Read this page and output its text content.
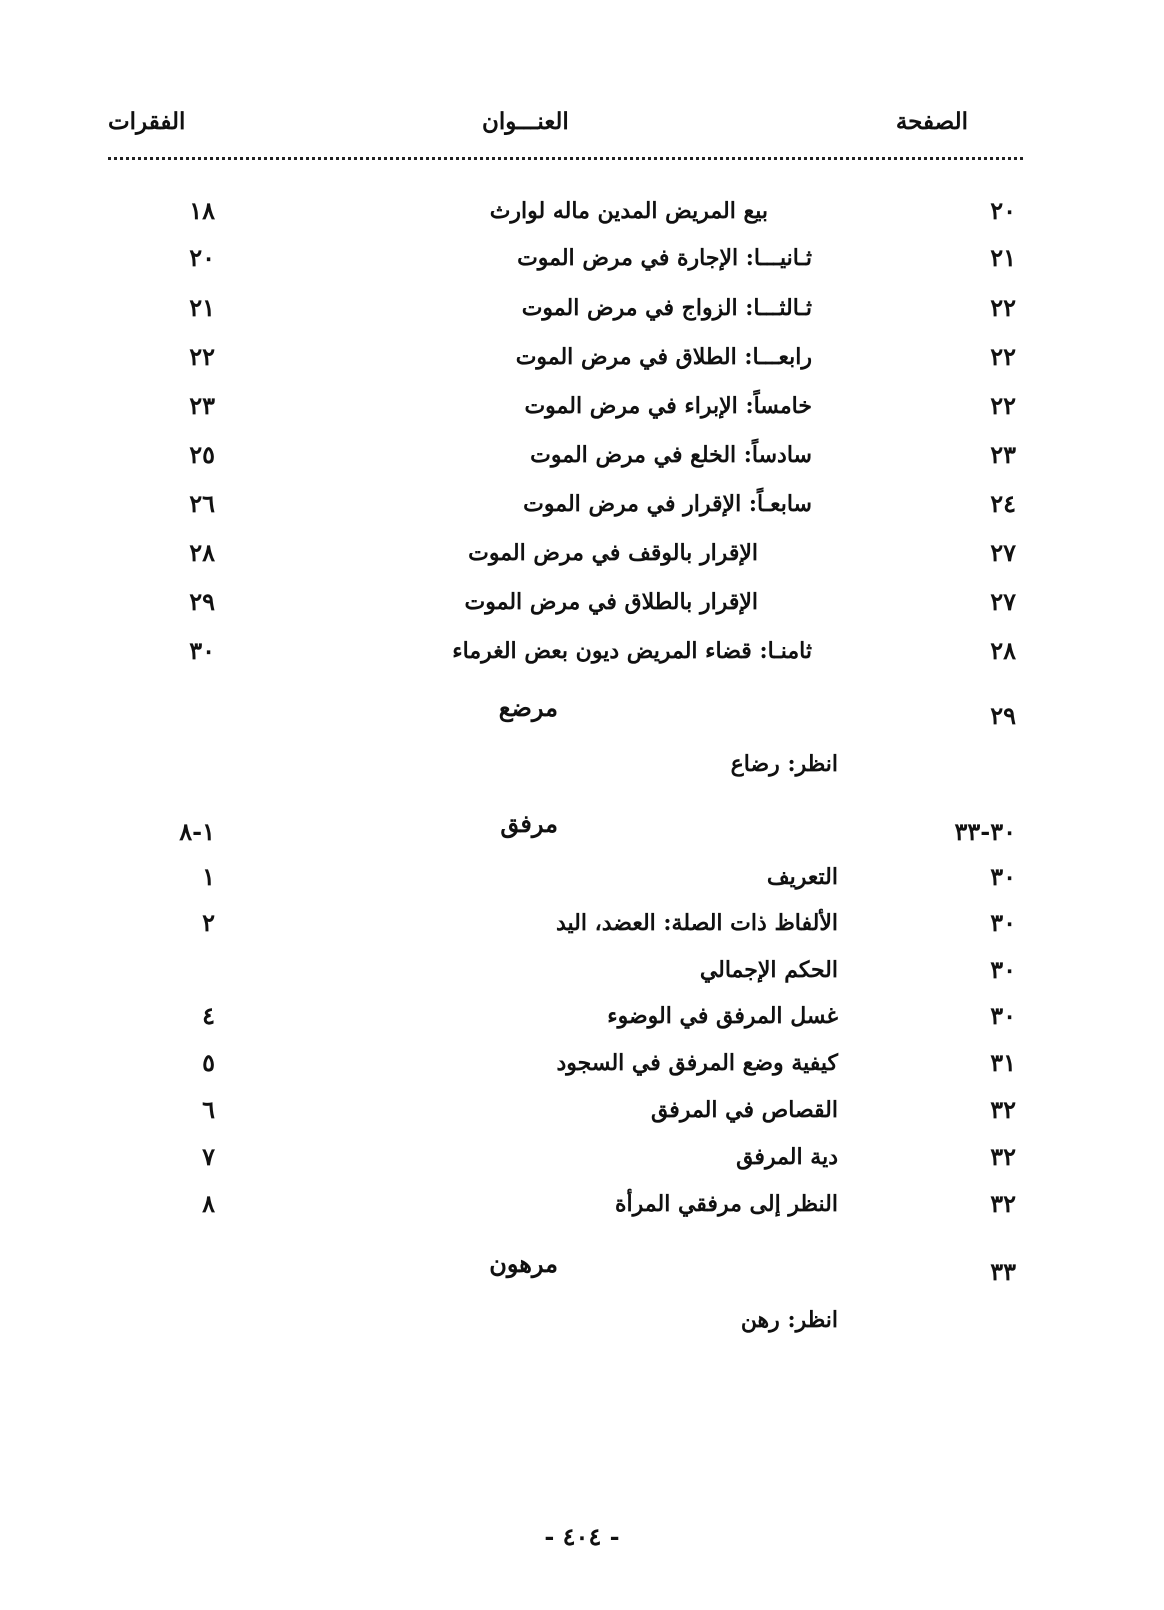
الصفحة
العنـــوان
الفقرات
٢٠
بيع المريض المدين ماله لوارث
١٨
٢١
ثـانيـــا: الإجارة في مرض الموت
٢٠
٢٢
ثـالثـــا: الزواج في مرض الموت
٢١
٢٢
رابعـــا: الطلاق في مرض الموت
٢٢
٢٢
خامساً: الإبراء في مرض الموت
٢٣
٢٣
سادساً: الخلع في مرض الموت
٢٥
٢٤
سابعـاً: الإقرار في مرض الموت
٢٦
٢٧
الإقرار بالوقف في مرض الموت
٢٨
٢٧
الإقرار بالطلاق في مرض الموت
٢٩
٢٨
ثامنـا: قضاء المريض ديون بعض الغرماء
٣٠
٢٩
مرضع
انظر: رضاع
٣٠-٣٣
مرفق
١-٨
٣٠
التعريف
١
٣٠
الألفاظ ذات الصلة: العضد، اليد
٢
٣٠
الحكم الإجمالي
٣٠
غسل المرفق في الوضوء
٤
٣١
كيفية وضع المرفق في السجود
٥
٣٢
القصاص في المرفق
٦
٣٢
دية المرفق
٧
٣٢
النظر إلى مرفقي المرأة
٨
٣٣
مرهون
انظر: رهن
- ٤٠٤ -
